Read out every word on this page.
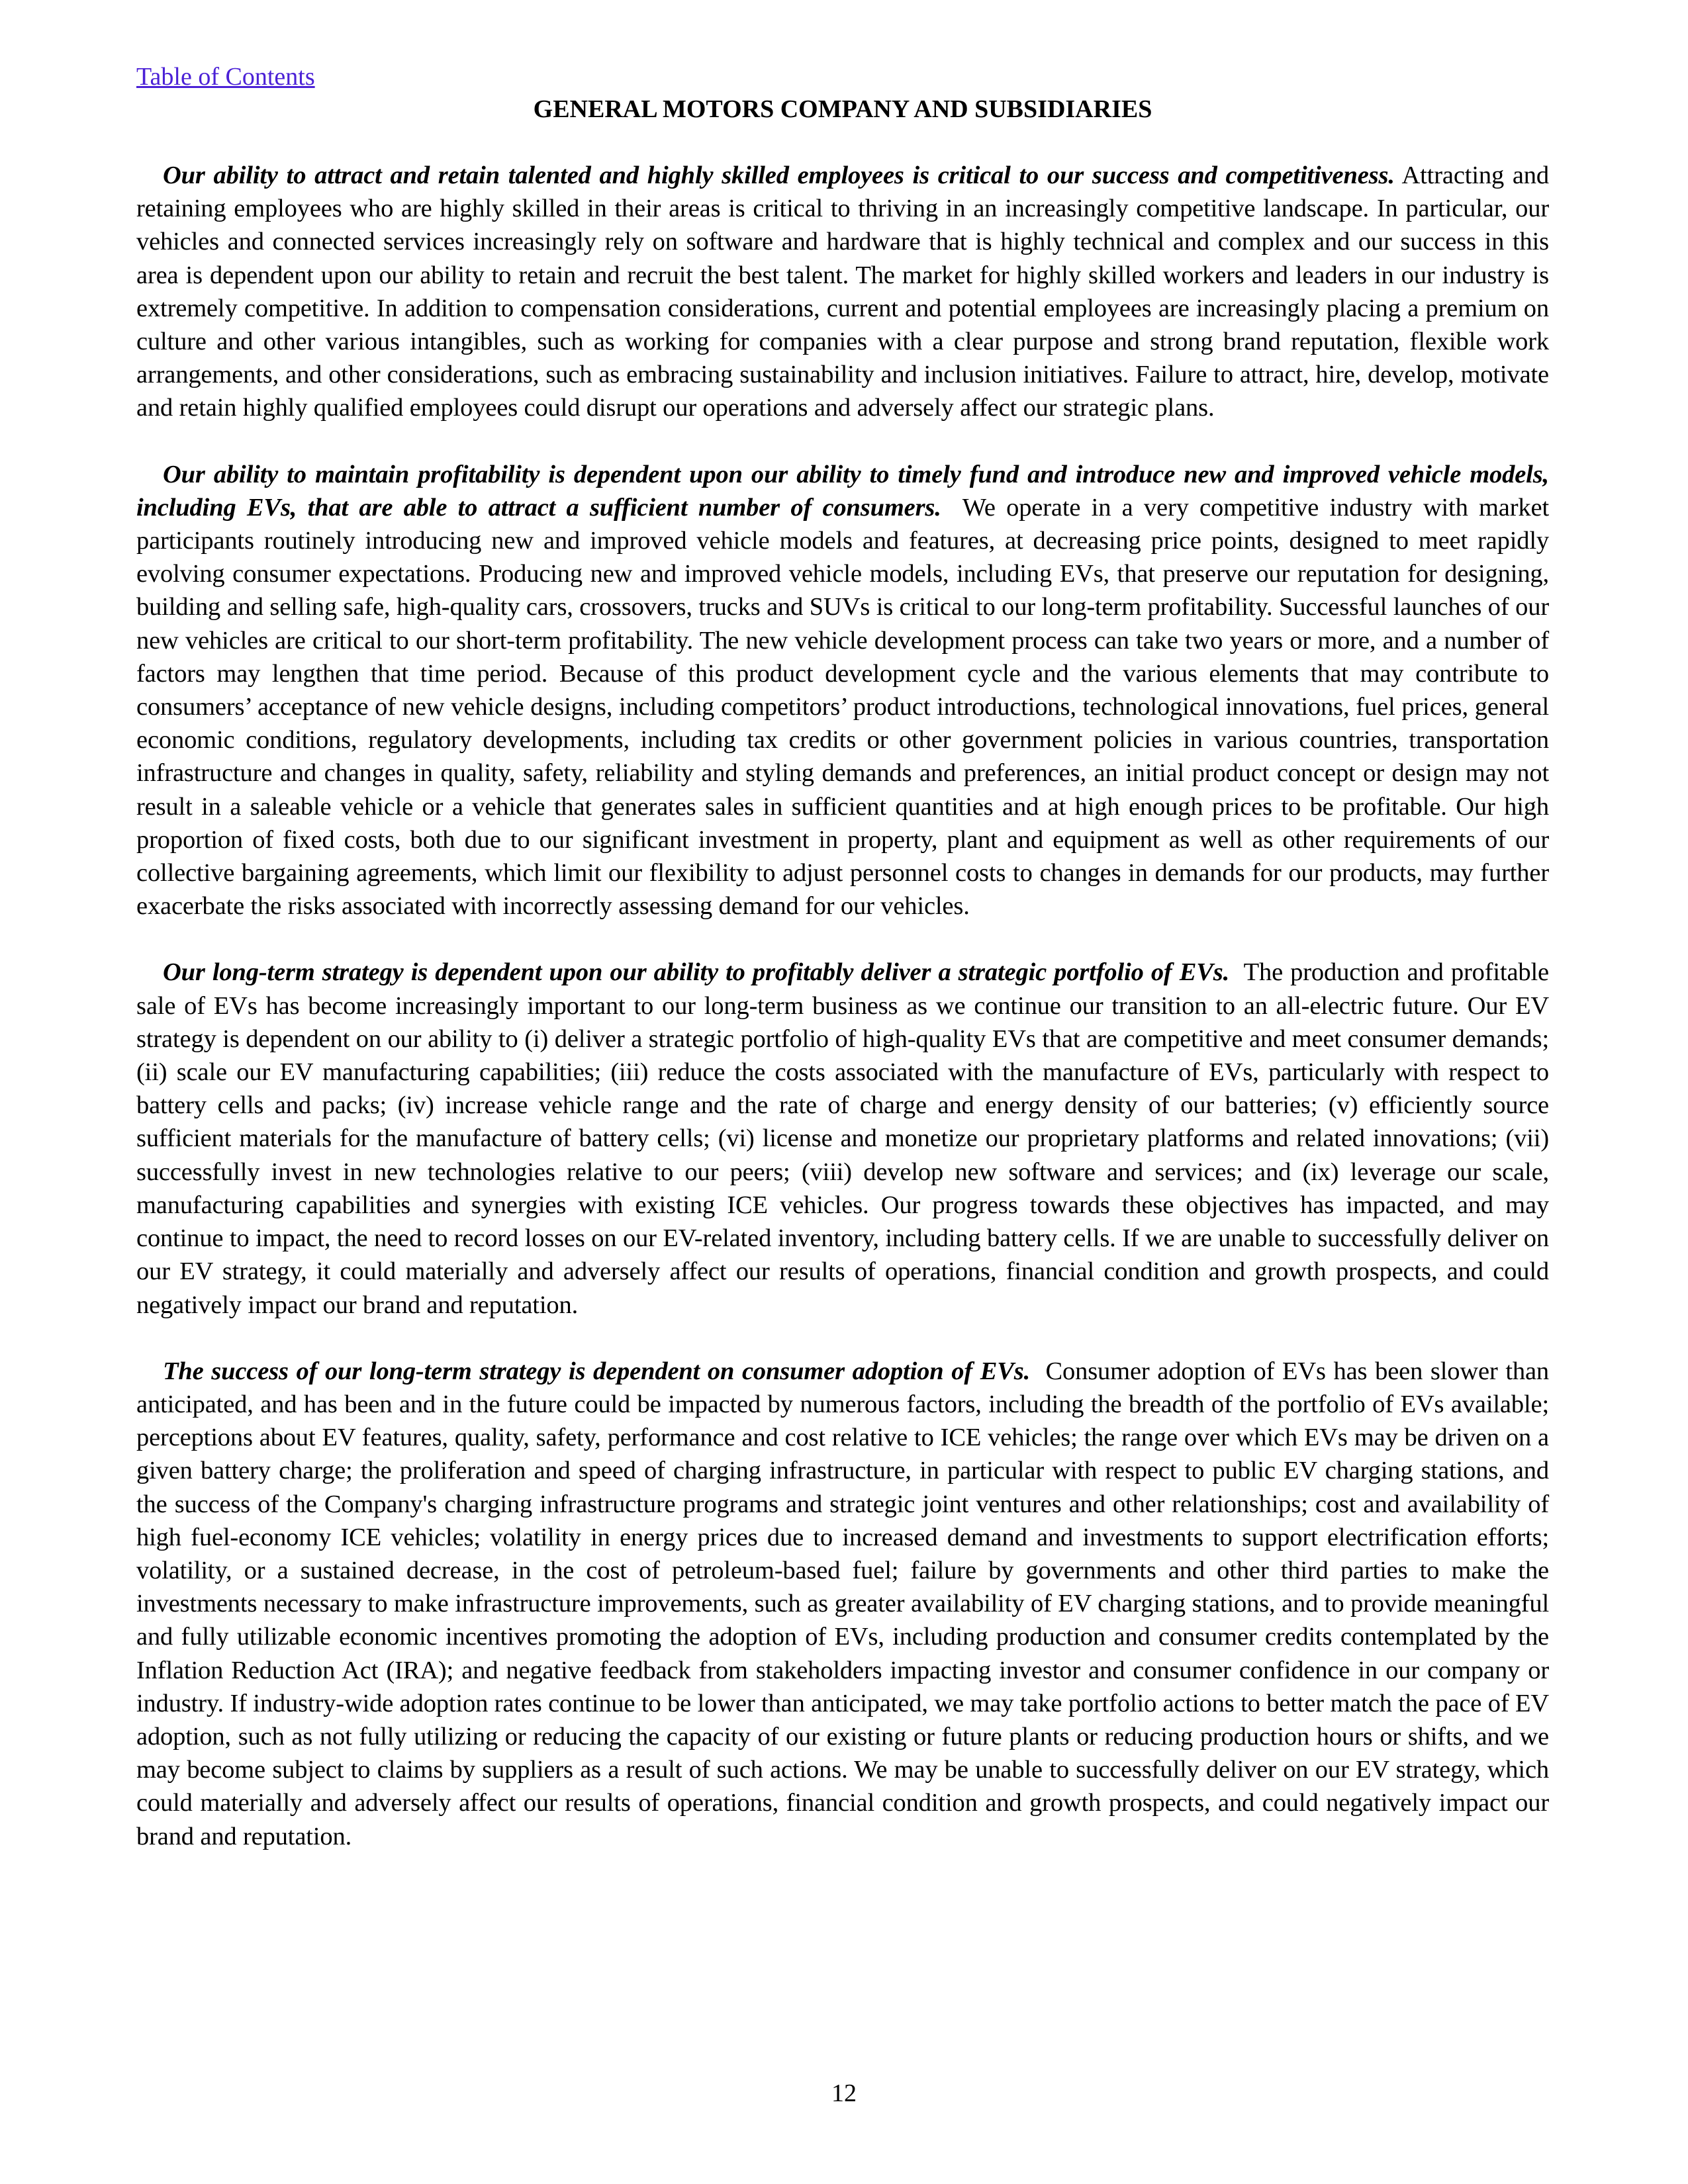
Table of Contents
GENERAL MOTORS COMPANY AND SUBSIDIARIES

Our ability to attract and retain talented and highly skilled employees is critical to our success and competitiveness. Attracting and retaining employees who are highly skilled in their areas is critical to thriving in an increasingly competitive landscape. In particular, our vehicles and connected services increasingly rely on software and hardware that is highly technical and complex and our success in this area is dependent upon our ability to retain and recruit the best talent. The market for highly skilled workers and leaders in our industry is extremely competitive. In addition to compensation considerations, current and potential employees are increasingly placing a premium on culture and other various intangibles, such as working for companies with a clear purpose and strong brand reputation, flexible work arrangements, and other considerations, such as embracing sustainability and inclusion initiatives. Failure to attract, hire, develop, motivate and retain highly qualified employees could disrupt our operations and adversely affect our strategic plans.

Our ability to maintain profitability is dependent upon our ability to timely fund and introduce new and improved vehicle models, including EVs, that are able to attract a sufficient number of consumers. We operate in a very competitive industry with market participants routinely introducing new and improved vehicle models and features, at decreasing price points, designed to meet rapidly evolving consumer expectations. Producing new and improved vehicle models, including EVs, that preserve our reputation for designing, building and selling safe, high-quality cars, crossovers, trucks and SUVs is critical to our long-term profitability. Successful launches of our new vehicles are critical to our short-term profitability. The new vehicle development process can take two years or more, and a number of factors may lengthen that time period. Because of this product development cycle and the various elements that may contribute to consumers’ acceptance of new vehicle designs, including competitors’ product introductions, technological innovations, fuel prices, general economic conditions, regulatory developments, including tax credits or other government policies in various countries, transportation infrastructure and changes in quality, safety, reliability and styling demands and preferences, an initial product concept or design may not result in a saleable vehicle or a vehicle that generates sales in sufficient quantities and at high enough prices to be profitable. Our high proportion of fixed costs, both due to our significant investment in property, plant and equipment as well as other requirements of our collective bargaining agreements, which limit our flexibility to adjust personnel costs to changes in demands for our products, may further exacerbate the risks associated with incorrectly assessing demand for our vehicles.

Our long-term strategy is dependent upon our ability to profitably deliver a strategic portfolio of EVs. The production and profitable sale of EVs has become increasingly important to our long-term business as we continue our transition to an all-electric future. Our EV strategy is dependent on our ability to (i) deliver a strategic portfolio of high-quality EVs that are competitive and meet consumer demands; (ii) scale our EV manufacturing capabilities; (iii) reduce the costs associated with the manufacture of EVs, particularly with respect to battery cells and packs; (iv) increase vehicle range and the rate of charge and energy density of our batteries; (v) efficiently source sufficient materials for the manufacture of battery cells; (vi) license and monetize our proprietary platforms and related innovations; (vii) successfully invest in new technologies relative to our peers; (viii) develop new software and services; and (ix) leverage our scale, manufacturing capabilities and synergies with existing ICE vehicles. Our progress towards these objectives has impacted, and may continue to impact, the need to record losses on our EV-related inventory, including battery cells. If we are unable to successfully deliver on our EV strategy, it could materially and adversely affect our results of operations, financial condition and growth prospects, and could negatively impact our brand and reputation.

The success of our long-term strategy is dependent on consumer adoption of EVs. Consumer adoption of EVs has been slower than anticipated, and has been and in the future could be impacted by numerous factors, including the breadth of the portfolio of EVs available; perceptions about EV features, quality, safety, performance and cost relative to ICE vehicles; the range over which EVs may be driven on a given battery charge; the proliferation and speed of charging infrastructure, in particular with respect to public EV charging stations, and the success of the Company's charging infrastructure programs and strategic joint ventures and other relationships; cost and availability of high fuel-economy ICE vehicles; volatility in energy prices due to increased demand and investments to support electrification efforts; volatility, or a sustained decrease, in the cost of petroleum-based fuel; failure by governments and other third parties to make the investments necessary to make infrastructure improvements, such as greater availability of EV charging stations, and to provide meaningful and fully utilizable economic incentives promoting the adoption of EVs, including production and consumer credits contemplated by the Inflation Reduction Act (IRA); and negative feedback from stakeholders impacting investor and consumer confidence in our company or industry. If industry-wide adoption rates continue to be lower than anticipated, we may take portfolio actions to better match the pace of EV adoption, such as not fully utilizing or reducing the capacity of our existing or future plants or reducing production hours or shifts, and we may become subject to claims by suppliers as a result of such actions. We may be unable to successfully deliver on our EV strategy, which could materially and adversely affect our results of operations, financial condition and growth prospects, and could negatively impact our brand and reputation.

12
